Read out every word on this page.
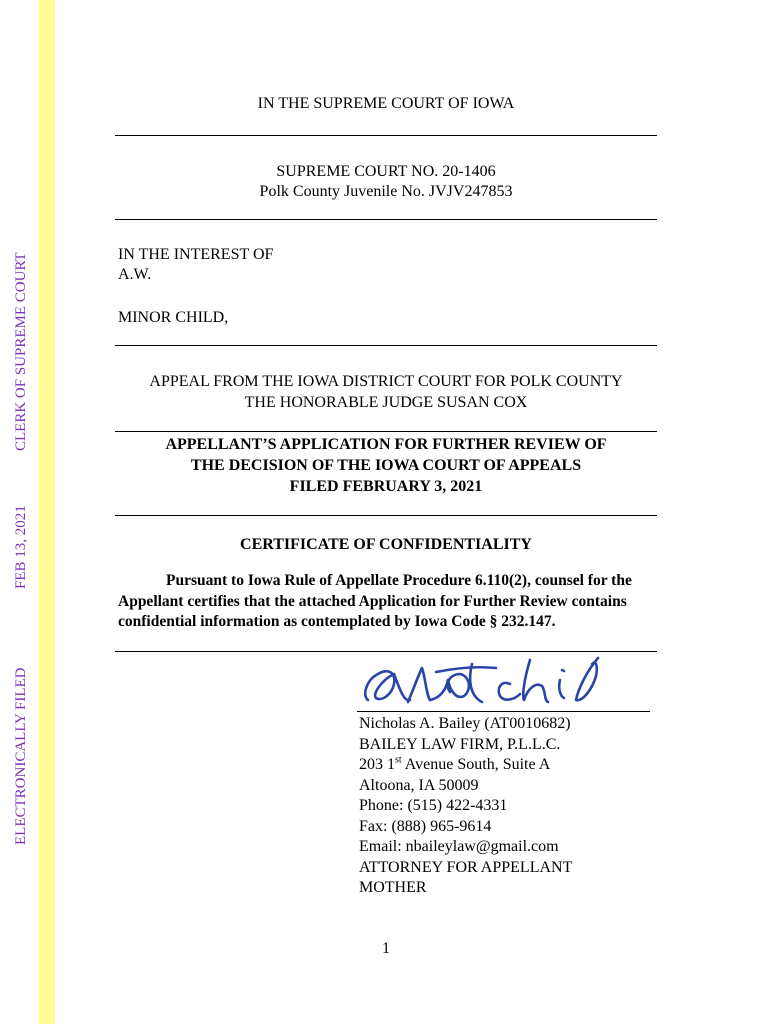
ELECTRONICALLY FILED
FEB 13, 2021
CLERK OF SUPREME COURT
IN THE SUPREME COURT OF IOWA
SUPREME COURT NO. 20-1406
Polk County Juvenile No. JVJV247853
IN THE INTEREST OF
A.W.
MINOR CHILD,
APPEAL FROM THE IOWA DISTRICT COURT FOR POLK COUNTY
THE HONORABLE JUDGE SUSAN COX
APPELLANT’S APPLICATION FOR FURTHER REVIEW OF
THE DECISION OF THE IOWA COURT OF APPEALS
FILED FEBRUARY 3, 2021
CERTIFICATE OF CONFIDENTIALITY
Pursuant to Iowa Rule of Appellate Procedure 6.110(2), counsel for the Appellant certifies that the attached Application for Further Review contains confidential information as contemplated by Iowa Code § 232.147.
Nicholas A. Bailey (AT0010682)
BAILEY LAW FIRM, P.L.L.C.
203 1st Avenue South, Suite A
Altoona, IA 50009
Phone: (515) 422-4331
Fax: (888) 965-9614
Email: nbaileylaw@gmail.com
ATTORNEY FOR APPELLANT
MOTHER
1
